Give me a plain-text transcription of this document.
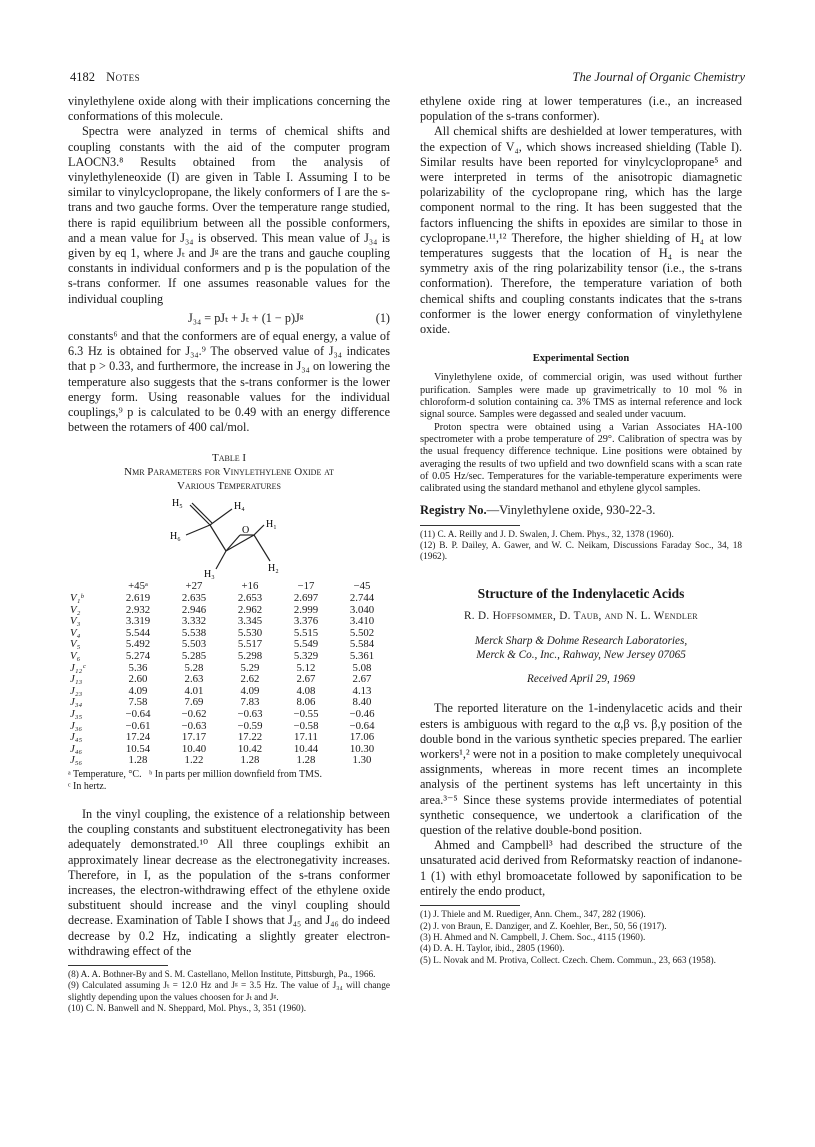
4182 Notes	The Journal of Organic Chemistry

vinylethylene oxide along with their implications concerning the conformations of this molecule.

Spectra were analyzed in terms of chemical shifts and coupling constants with the aid of the computer program LAOCN3.⁸ Results obtained from the analysis of vinylethyleneoxide (I) are given in Table I. Assuming I to be similar to vinylcyclopropane, the likely conformers of I are the s-trans and two gauche forms. Over the temperature range studied, there is rapid equilibrium between all the possible conformers, and a mean value for J₃₄ is observed. This mean value of J₃₄ is given by eq 1, where Jₜ and Jᵍ are the trans and gauche coupling constants in individual conformers and p is the population of the s-trans conformer. If one assumes reasonable values for the individual coupling

J₃₄ = pJₜ + Jₜ + (1 − p)Jᵍ	(1)

constants⁶ and that the conformers are of equal energy, a value of 6.3 Hz is obtained for J₃₄.⁹ The observed value of J₃₄ indicates that p > 0.33, and furthermore, the increase in J₃₄ on lowering the temperature also suggests that the s-trans conformer is the lower energy form. Using reasonable values for the individual couplings,⁹ p is calculated to be 0.49 with an energy difference between the rotamers of 400 cal/mol.

Table I
Nmr Parameters for Vinylethylene Oxide at
Various Temperatures
H₅	H₄
H₆
O
H₁
H₃
H₂
	+45ᵃ	+27	+16	−17	−45
V₁ᵇ	2.619	2.635	2.653	2.697	2.744
V₂	2.932	2.946	2.962	2.999	3.040
V₃	3.319	3.332	3.345	3.376	3.410
V₄	5.544	5.538	5.530	5.515	5.502
V₅	5.492	5.503	5.517	5.549	5.584
V₆	5.274	5.285	5.298	5.329	5.361
J₁₂ᶜ	5.36	5.28	5.29	5.12	5.08
J₁₃	2.60	2.63	2.62	2.67	2.67
J₂₃	4.09	4.01	4.09	4.08	4.13
J₃₄	7.58	7.69	7.83	8.06	8.40
J₃₅	−0.64	−0.62	−0.63	−0.55	−0.46
J₃₆	−0.61	−0.63	−0.59	−0.58	−0.64
J₄₅	17.24	17.17	17.22	17.11	17.06
J₄₆	10.54	10.40	10.42	10.44	10.30
J₅₆	1.28	1.22	1.28	1.28	1.30
ᵃ Temperature, °C. ᵇ In parts per million downfield from TMS.
ᶜ In hertz.

In the vinyl coupling, the existence of a relationship between the coupling constants and substituent electronegativity has been adequately demonstrated.¹⁰ All three couplings exhibit an approximately linear decrease as the electronegativity increases. Therefore, in I, as the population of the s-trans conformer increases, the electron-withdrawing effect of the ethylene oxide substituent should increase and the vinyl coupling should decrease. Examination of Table I shows that J₄₅ and J₄₆ do indeed decrease by 0.2 Hz, indicating a slightly greater electron-withdrawing effect of the

(8) A. A. Bothner-By and S. M. Castellano, Mellon Institute, Pittsburgh, Pa., 1966.
(9) Calculated assuming Jₜ = 12.0 Hz and Jᵍ = 3.5 Hz. The value of J₃₄ will change slightly depending upon the values choosen for Jₜ and Jᵍ.
(10) C. N. Banwell and N. Sheppard, Mol. Phys., 3, 351 (1960).

ethylene oxide ring at lower temperatures (i.e., an increased population of the s-trans conformer).

All chemical shifts are deshielded at lower temperatures, with the expection of V₄, which shows increased shielding (Table I). Similar results have been reported for vinylcyclopropane⁵ and were interpreted in terms of the anisotropic diamagnetic polarizability of the cyclopropane ring, which has the large component normal to the ring. It has been suggested that the factors influencing the shifts in epoxides are similar to those in cyclopropane.¹¹,¹² Therefore, the higher shielding of H₄ at low temperatures suggests that the location of H₄ is near the symmetry axis of the ring polarizability tensor (i.e., the s-trans conformation). Therefore, the temperature variation of both chemical shifts and coupling constants indicates that the s-trans conformer is the lower energy conformation of vinylethylene oxide.

Experimental Section

Vinylethylene oxide, of commercial origin, was used without further purification. Samples were made up gravimetrically to 10 mol % in chloroform-d solution containing ca. 3% TMS as internal reference and lock signal source. Samples were degassed and sealed under vacuum.

Proton spectra were obtained using a Varian Associates HA-100 spectrometer with a probe temperature of 29°. Calibration of spectra was by the usual frequency difference technique. Line positions were obtained by averaging the results of two upfield and two downfield scans with a scan rate of 0.05 Hz/sec. Temperatures for the variable-temperature experiments were calibrated using the standard methanol and ethylene glycol samples.

Registry No.—Vinylethylene oxide, 930-22-3.
(11) C. A. Reilly and J. D. Swalen, J. Chem. Phys., 32, 1378 (1960).
(12) B. P. Dailey, A. Gawer, and W. C. Neikam, Discussions Faraday Soc., 34, 18 (1962).
Structure of the Indenylacetic Acids
R. D. Hoffsommer, D. Taub, and N. L. Wendler
Merck Sharp & Dohme Research Laboratories,
Merck & Co., Inc., Rahway, New Jersey 07065
Received April 29, 1969

The reported literature on the 1-indenylacetic acids and their esters is ambiguous with regard to the α,β vs. β,γ position of the double bond in the various synthetic species prepared. The earlier workers¹,² were not in a position to make completely unequivocal assignments, whereas in more recent times an incomplete analysis of the pertinent systems has left uncertainty in this area.³⁻⁵ Since these systems provide intermediates of potential synthetic consequence, we undertook a clarification of the question of the relative double-bond position.

Ahmed and Campbell³ had described the structure of the unsaturated acid derived from Reformatsky reaction of indanone-1 (1) with ethyl bromoacetate followed by saponification to be entirely the endo product,

(1) J. Thiele and M. Ruediger, Ann. Chem., 347, 282 (1906).
(2) J. von Braun, E. Danziger, and Z. Koehler, Ber., 50, 56 (1917).
(3) H. Ahmed and N. Campbell, J. Chem. Soc., 4115 (1960).
(4) D. A. H. Taylor, ibid., 2805 (1960).
(5) L. Novak and M. Protiva, Collect. Czech. Chem. Commun., 23, 663 (1958).
